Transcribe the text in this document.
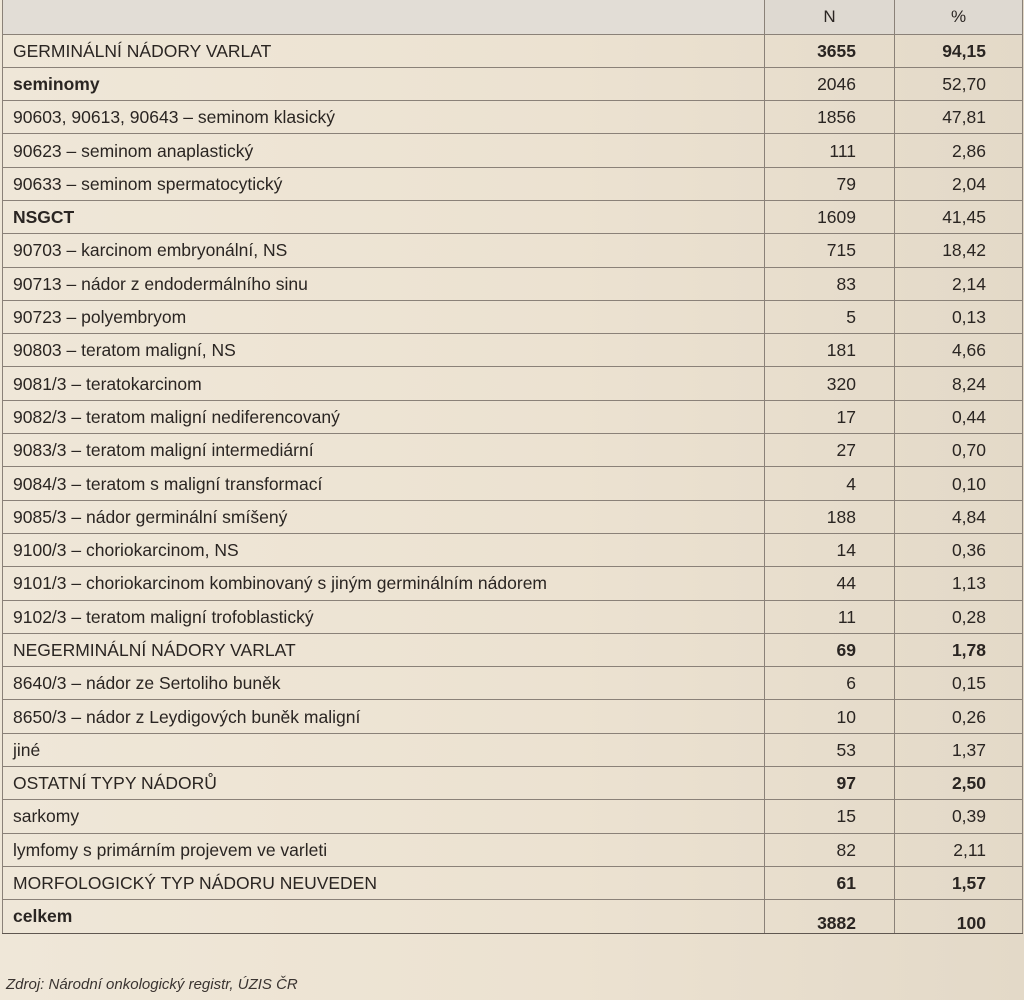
	N	%
GERMINÁLNÍ NÁDORY VARLAT	3655	94,15
seminomy	2046	52,70
90603, 90613, 90643 – seminom klasický	1856	47,81
90623 – seminom anaplastický	111	2,86
90633 – seminom spermatocytický	79	2,04
NSGCT	1609	41,45
90703 – karcinom embryonální, NS	715	18,42
90713 – nádor z endodermálního sinu	83	2,14
90723 – polyembryom	5	0,13
90803 – teratom maligní, NS	181	4,66
9081/3 – teratokarcinom	320	8,24
9082/3 – teratom maligní nediferencovaný	17	0,44
9083/3 – teratom maligní intermediární	27	0,70
9084/3 – teratom s maligní transformací	4	0,10
9085/3 – nádor germinální smíšený	188	4,84
9100/3 – choriokarcinom, NS	14	0,36
9101/3 – choriokarcinom kombinovaný s jiným germinálním nádorem	44	1,13
9102/3 – teratom maligní trofoblastický	11	0,28
NEGERMINÁLNÍ NÁDORY VARLAT	69	1,78
8640/3 – nádor ze Sertoliho buněk	6	0,15
8650/3 – nádor z Leydigových buněk maligní	10	0,26
jiné	53	1,37
OSTATNÍ TYPY NÁDORŮ	97	2,50
sarkomy	15	0,39
lymfomy s primárním projevem ve varleti	82	2,11
MORFOLOGICKÝ TYP NÁDORU NEUVEDEN	61	1,57
celkem	3882	100
Zdroj: Národní onkologický registr, ÚZIS ČR
